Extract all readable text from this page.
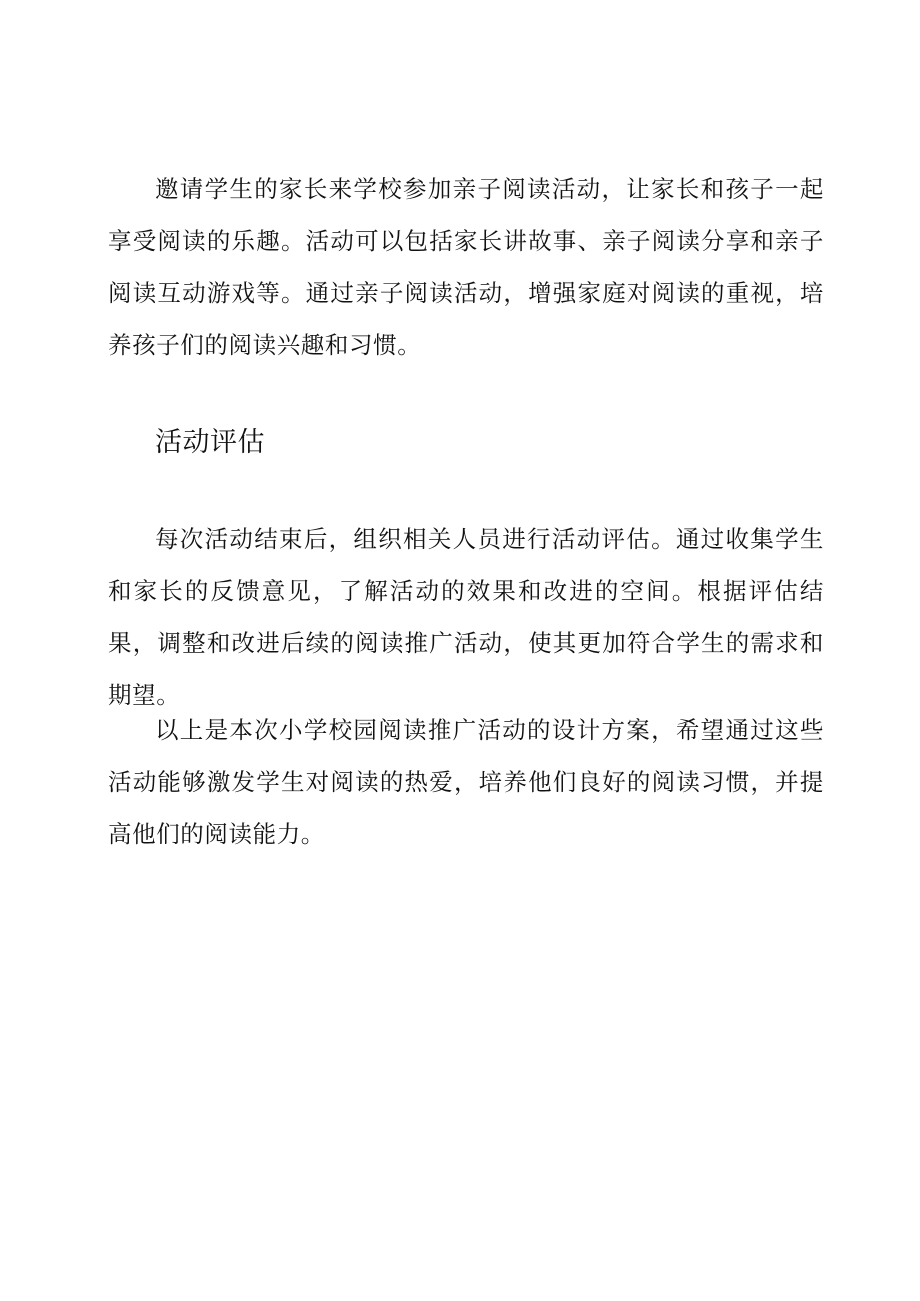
邀请学生的家长来学校参加亲子阅读活动，让家长和孩子一起享受阅读的乐趣。活动可以包括家长讲故事、亲子阅读分享和亲子阅读互动游戏等。通过亲子阅读活动，增强家庭对阅读的重视，培养孩子们的阅读兴趣和习惯。

活动评估

每次活动结束后，组织相关人员进行活动评估。通过收集学生和家长的反馈意见，了解活动的效果和改进的空间。根据评估结果，调整和改进后续的阅读推广活动，使其更加符合学生的需求和期望。

以上是本次小学校园阅读推广活动的设计方案，希望通过这些活动能够激发学生对阅读的热爱，培养他们良好的阅读习惯，并提高他们的阅读能力。
